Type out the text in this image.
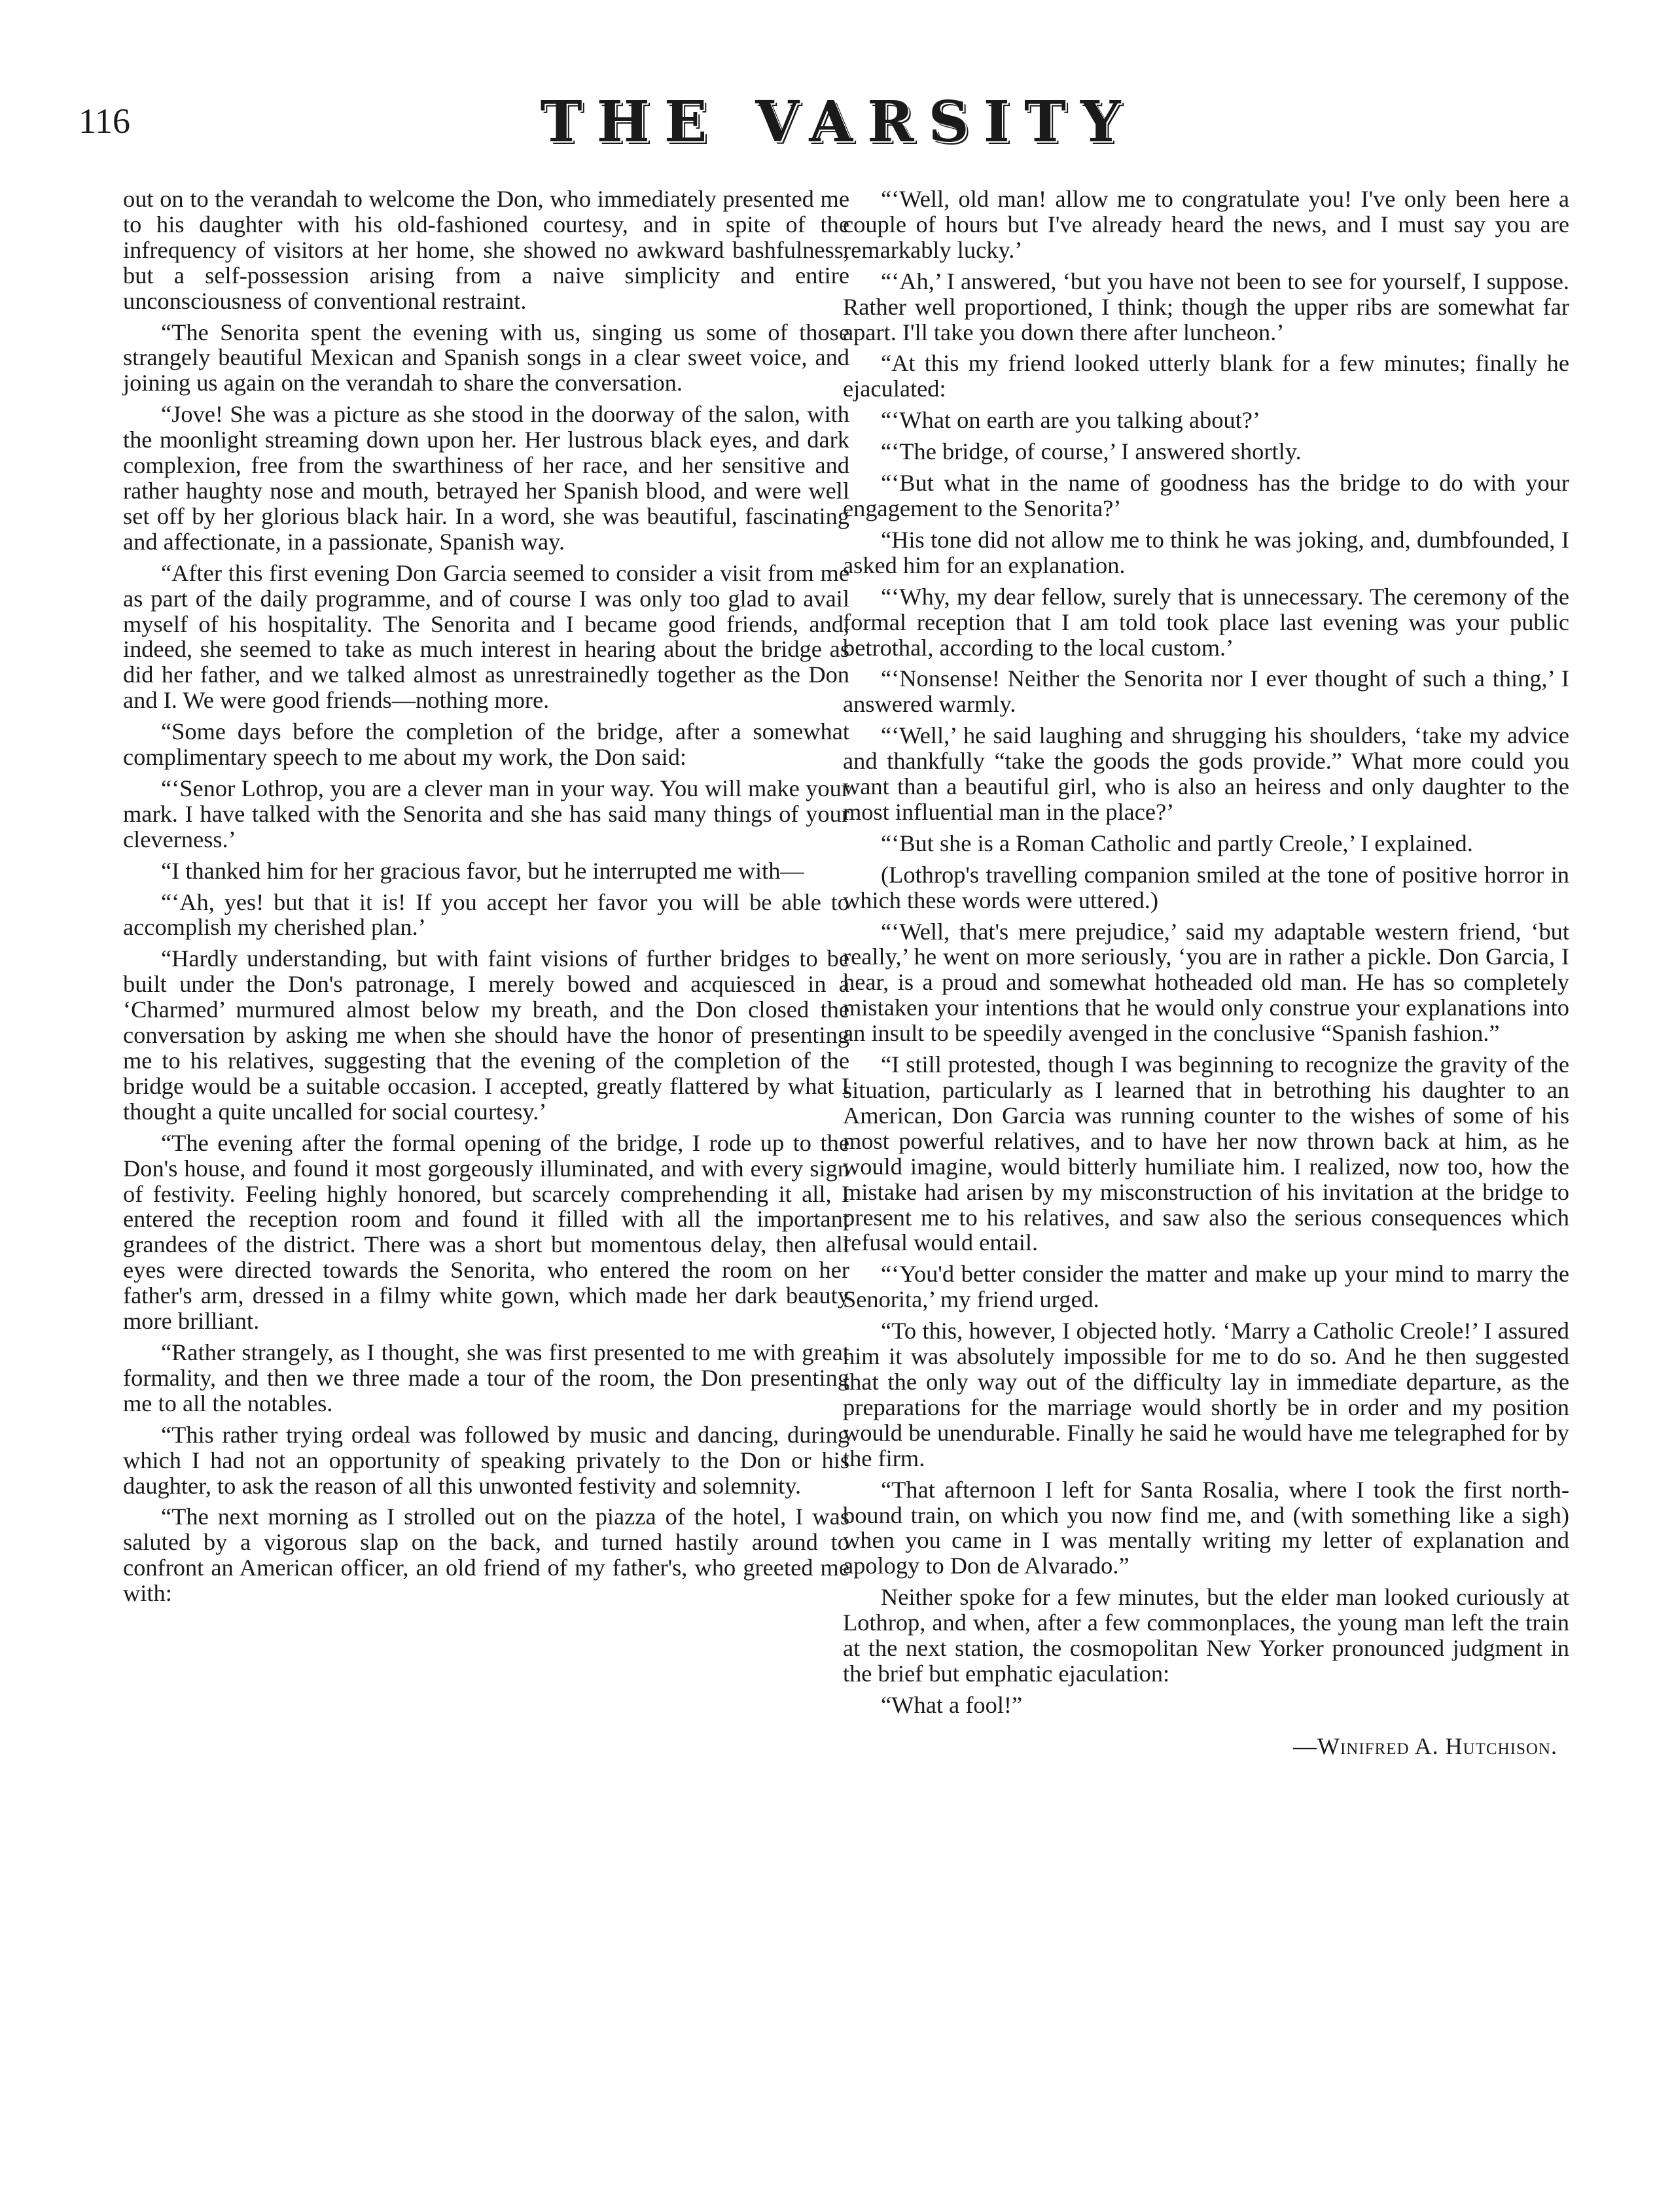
116	THE VARSITY

out on to the verandah to welcome the Don, who immediately presented me to his daughter with his old-fashioned courtesy, and in spite of the infrequency of visitors at her home, she showed no awkward bashfulness, but a self-possession arising from a naive simplicity and entire unconsciousness of conventional restraint.

“The Senorita spent the evening with us, singing us some of those strangely beautiful Mexican and Spanish songs in a clear sweet voice, and joining us again on the verandah to share the conversation.

“Jove! She was a picture as she stood in the doorway of the salon, with the moonlight streaming down upon her. Her lustrous black eyes, and dark complexion, free from the swarthiness of her race, and her sensitive and rather haughty nose and mouth, betrayed her Spanish blood, and were well set off by her glorious black hair. In a word, she was beautiful, fascinating and affectionate, in a passionate, Spanish way.

“After this first evening Don Garcia seemed to consider a visit from me as part of the daily programme, and of course I was only too glad to avail myself of his hospitality. The Senorita and I became good friends, and, indeed, she seemed to take as much interest in hearing about the bridge as did her father, and we talked almost as unrestrainedly together as the Don and I. We were good friends—nothing more.

“Some days before the completion of the bridge, after a somewhat complimentary speech to me about my work, the Don said:

“‘Senor Lothrop, you are a clever man in your way. You will make your mark. I have talked with the Senorita and she has said many things of your cleverness.’

“I thanked him for her gracious favor, but he interrupted me with—

“‘Ah, yes! but that it is! If you accept her favor you will be able to accomplish my cherished plan.’

“Hardly understanding, but with faint visions of further bridges to be built under the Don's patronage, I merely bowed and acquiesced in a ‘Charmed’ murmured almost below my breath, and the Don closed the conversation by asking me when she should have the honor of presenting me to his relatives, suggesting that the evening of the completion of the bridge would be a suitable occasion. I accepted, greatly flattered by what I thought a quite uncalled for social courtesy.’

“The evening after the formal opening of the bridge, I rode up to the Don's house, and found it most gorgeously illuminated, and with every sign of festivity. Feeling highly honored, but scarcely comprehending it all, I entered the reception room and found it filled with all the important grandees of the district. There was a short but momentous delay, then all eyes were directed towards the Senorita, who entered the room on her father's arm, dressed in a filmy white gown, which made her dark beauty more brilliant.

“Rather strangely, as I thought, she was first presented to me with great formality, and then we three made a tour of the room, the Don presenting me to all the notables.

“This rather trying ordeal was followed by music and dancing, during which I had not an opportunity of speaking privately to the Don or his daughter, to ask the reason of all this unwonted festivity and solemnity.

“The next morning as I strolled out on the piazza of the hotel, I was saluted by a vigorous slap on the back, and turned hastily around to confront an American officer, an old friend of my father's, who greeted me with:

“‘Well, old man! allow me to congratulate you! I've only been here a couple of hours but I've already heard the news, and I must say you are remarkably lucky.’

“‘Ah,’ I answered, ‘but you have not been to see for yourself, I suppose. Rather well proportioned, I think; though the upper ribs are somewhat far apart. I'll take you down there after luncheon.’

“At this my friend looked utterly blank for a few minutes; finally he ejaculated:

“‘What on earth are you talking about?’

“‘The bridge, of course,’ I answered shortly.

“‘But what in the name of goodness has the bridge to do with your engagement to the Senorita?’

“His tone did not allow me to think he was joking, and, dumbfounded, I asked him for an explanation.

“‘Why, my dear fellow, surely that is unnecessary. The ceremony of the formal reception that I am told took place last evening was your public betrothal, according to the local custom.’

“‘Nonsense! Neither the Senorita nor I ever thought of such a thing,’ I answered warmly.

“‘Well,’ he said laughing and shrugging his shoulders, ‘take my advice and thankfully “take the goods the gods provide.” What more could you want than a beautiful girl, who is also an heiress and only daughter to the most influential man in the place?’

“‘But she is a Roman Catholic and partly Creole,’ I explained.

(Lothrop's travelling companion smiled at the tone of positive horror in which these words were uttered.)

“‘Well, that's mere prejudice,’ said my adaptable western friend, ‘but really,’ he went on more seriously, ‘you are in rather a pickle. Don Garcia, I hear, is a proud and somewhat hotheaded old man. He has so completely mistaken your intentions that he would only construe your explanations into an insult to be speedily avenged in the conclusive “Spanish fashion.”

“I still protested, though I was beginning to recognize the gravity of the situation, particularly as I learned that in betrothing his daughter to an American, Don Garcia was running counter to the wishes of some of his most powerful relatives, and to have her now thrown back at him, as he would imagine, would bitterly humiliate him. I realized, now too, how the mistake had arisen by my misconstruction of his invitation at the bridge to present me to his relatives, and saw also the serious consequences which refusal would entail.

“‘You'd better consider the matter and make up your mind to marry the Senorita,’ my friend urged.

“To this, however, I objected hotly. ‘Marry a Catholic Creole!’ I assured him it was absolutely impossible for me to do so. And he then suggested that the only way out of the difficulty lay in immediate departure, as the preparations for the marriage would shortly be in order and my position would be unendurable. Finally he said he would have me telegraphed for by the firm.

“That afternoon I left for Santa Rosalia, where I took the first north-bound train, on which you now find me, and (with something like a sigh) when you came in I was mentally writing my letter of explanation and apology to Don de Alvarado.”

Neither spoke for a few minutes, but the elder man looked curiously at Lothrop, and when, after a few commonplaces, the young man left the train at the next station, the cosmopolitan New Yorker pronounced judgment in the brief but emphatic ejaculation:

“What a fool!”

—Winifred A. Hutchison.
